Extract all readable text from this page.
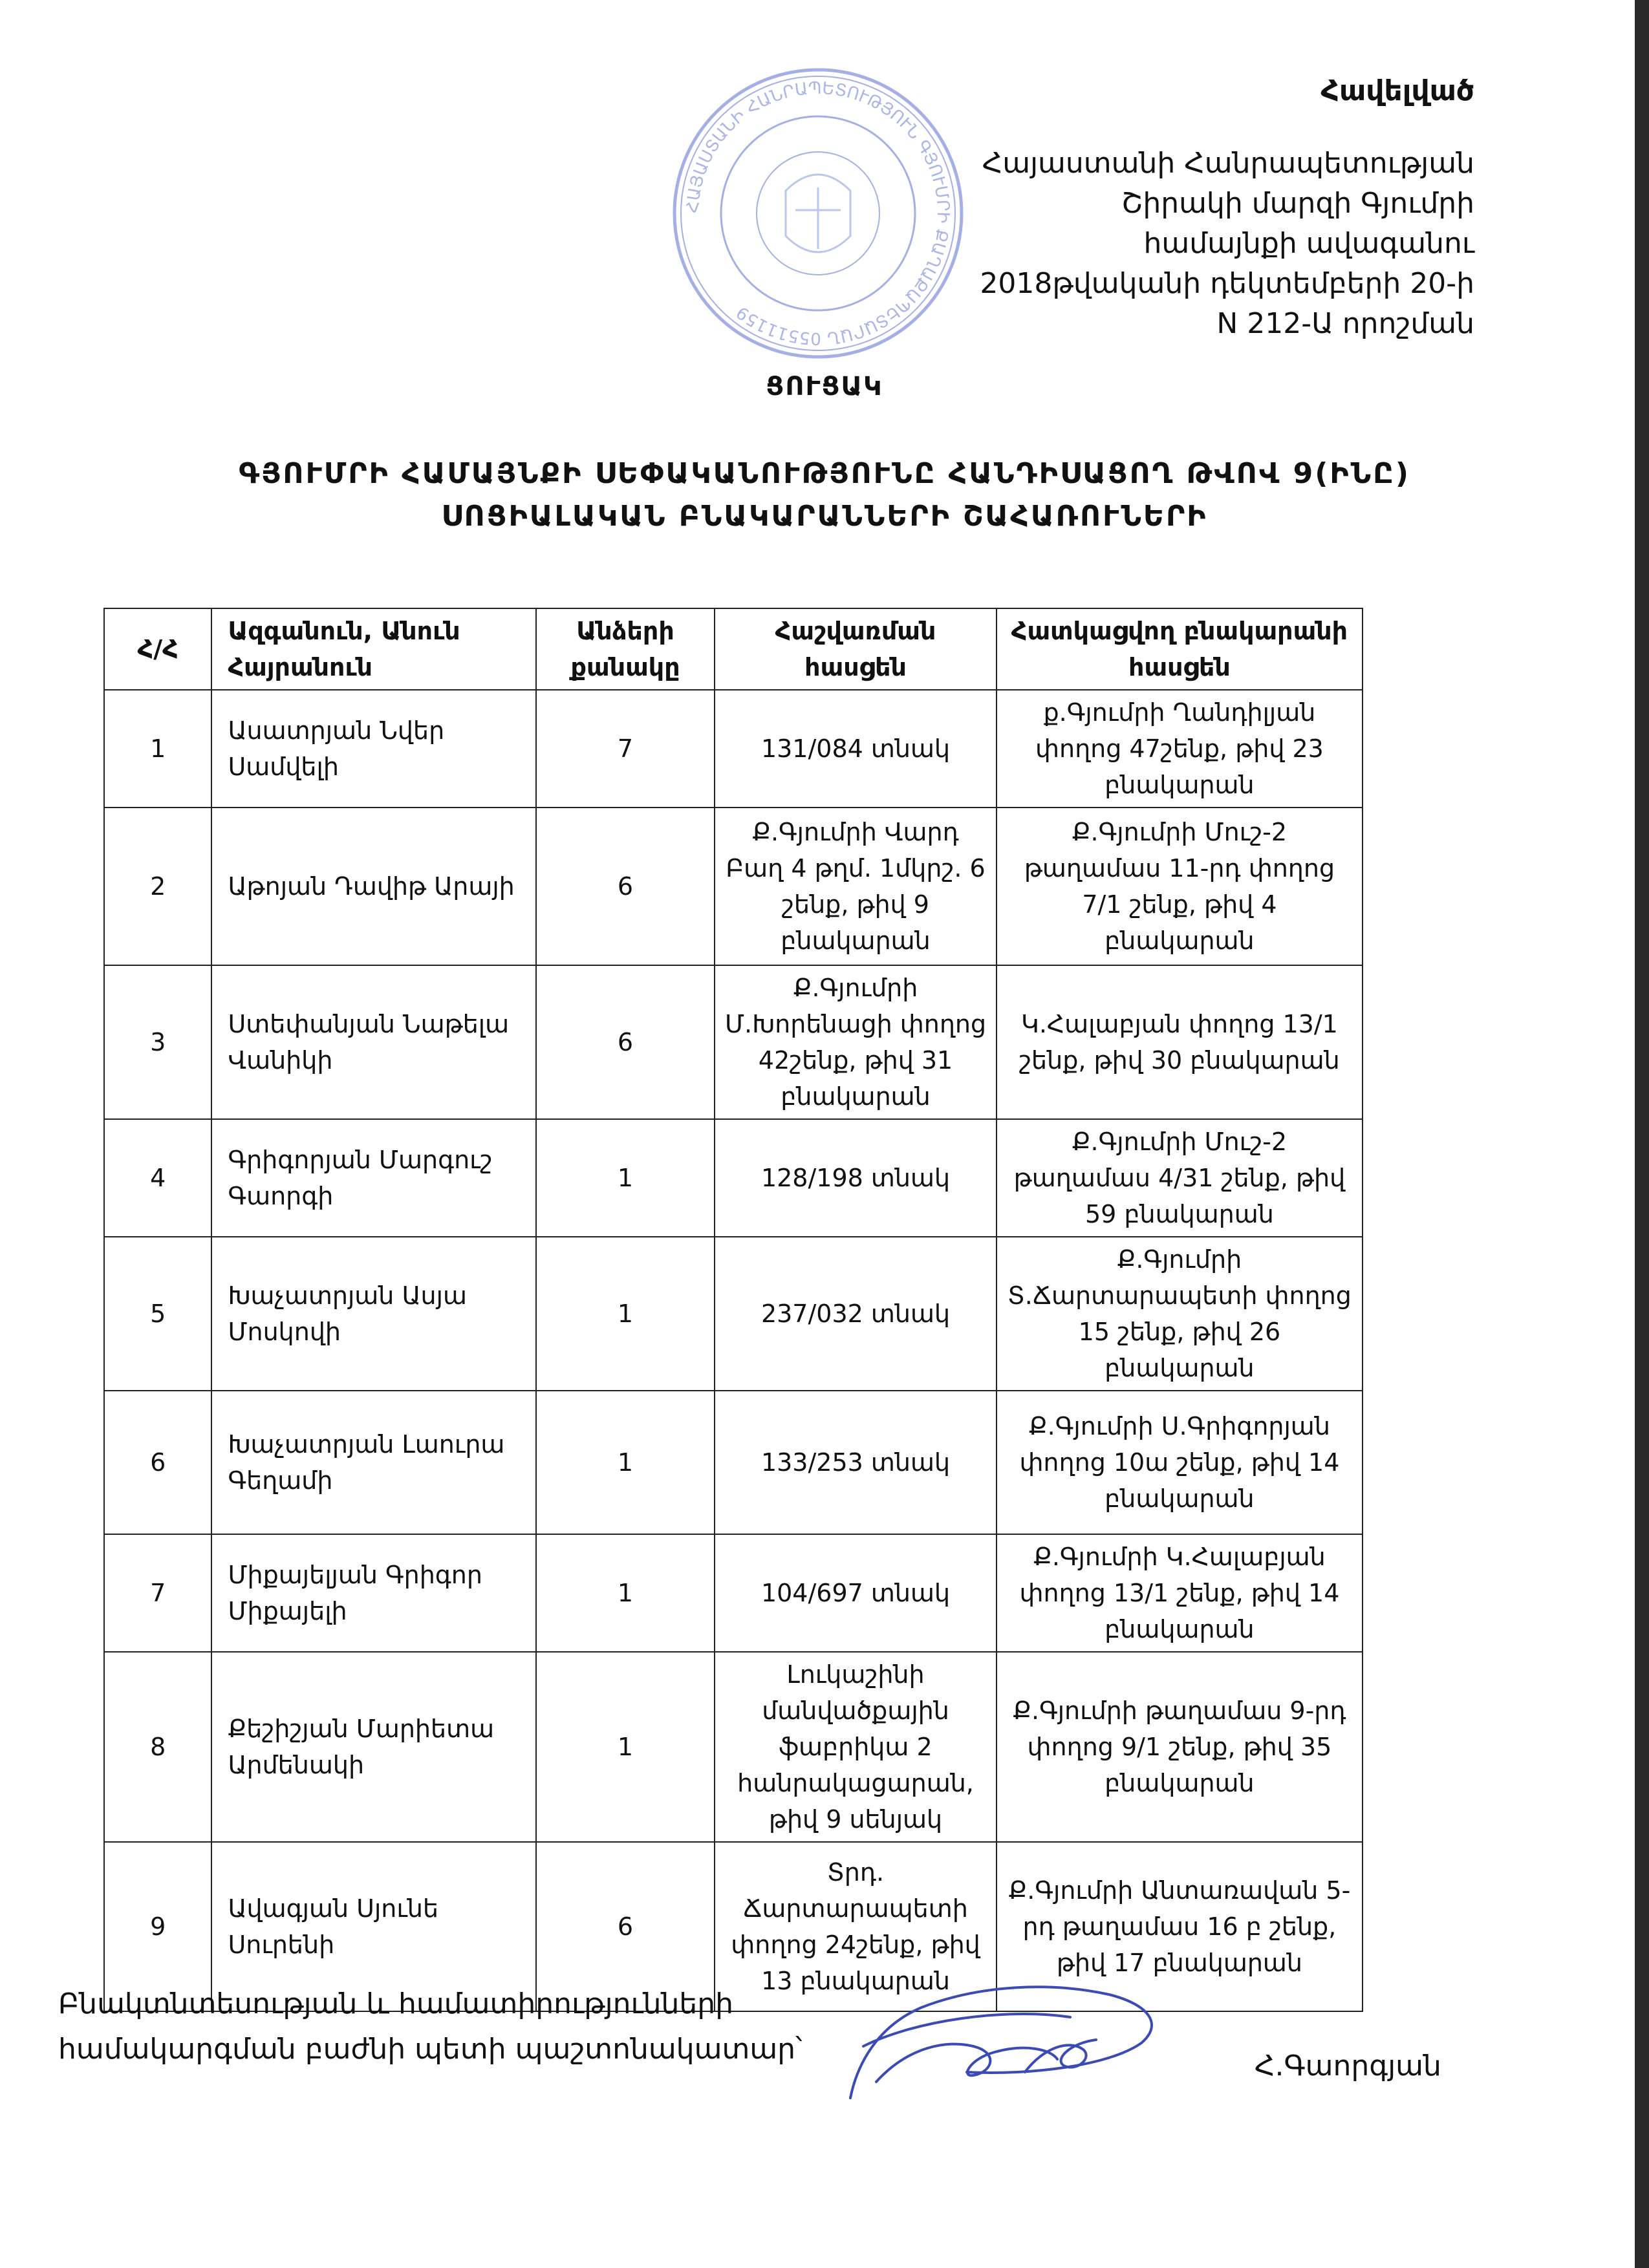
ՀԱՅԱՍՏԱՆԻ ՀԱՆՐԱՊԵՏՈՒԹՅՈՒՆ ԳՅՈՒՄՐԻ ՔԱՂԱՔԱՊԵՏԱՐԱՆ 05511159
Հավելված
Հայաստանի Հանրապետության
Շիրակի մարզի Գյումրի
համայնքի ավագանու
2018թվականի դեկտեմբերի 20-ի
N 212-Ա որոշման
ՑՈՒՑԱԿ
ԳՅՈՒՄՐԻ ՀԱՄԱՅՆՔԻ ՍԵՓԱԿԱՆՈՒԹՅՈՒՆԸ ՀԱՆԴԻՍԱՑՈՂ ԹՎՈՎ 9(ԻՆԸ)
ՍՈՑԻԱԼԱԿԱՆ ԲՆԱԿԱՐԱՆՆԵՐԻ ՇԱՀԱՌՈՒՆԵՐԻ
Հ/Հ	Ազգանուն, Անուն Հայրանուն	Անձերի քանակը	Հաշվառման հասցեն	Հատկացվող բնակարանի հասցեն
1	Ասատրյան Նվեր Սամվելի	7	131/084 տնակ	ք.Գյումրի Ղանդիլյան փողոց 47շենք, թիվ 23 բնակարան
2	Աթոյան Դավիթ Արայի	6	Ք.Գյումրի Վարդ Բաղ 4 թղմ. 1մկրշ. 6 շենք, թիվ 9 բնակարան	Ք.Գյումրի Մուշ-2 թաղամաս 11-րդ փողոց 7/1 շենք, թիվ 4 բնակարան
3	Ստեփանյան Նաթելա Վանիկի	6	Ք.Գյումրի Մ.Խորենացի փողոց 42շենք, թիվ 31 բնակարան	Կ.Հալաբյան փողոց 13/1 շենք, թիվ 30 բնակարան
4	Գրիգորյան Մարգուշ Գաորգի	1	128/198 տնակ	Ք.Գյումրի Մուշ-2 թաղամաս 4/31 շենք, թիվ 59 բնակարան
5	Խաչատրյան Ասյա Մոսկովի	1	237/032 տնակ	Ք.Գյումրի Տ.Ճարտարապետի փողոց 15 շենք, թիվ 26 բնակարան
6	Խաչատրյան Լաուրա Գեղամի	1	133/253 տնակ	Ք.Գյումրի Ս.Գրիգորյան փողոց 10ա շենք, թիվ 14 բնակարան
7	Միքայելյան Գրիգոր Միքայելի	1	104/697 տնակ	Ք.Գյումրի Կ.Հալաբյան փողոց 13/1 շենք, թիվ 14 բնակարան
8	Քեշիշյան Մարիետա Արմենակի	1	Լուկաշինի մանվածքային ֆաբրիկա 2 հանրակացարան, թիվ 9 սենյակ	Ք.Գյումրի թաղամաս 9-րդ փողոց 9/1 շենք, թիվ 35 բնակարան
9	Ավագյան Սյունե Սուրենի	6	Տրդ. Ճարտարապետի փողոց 24շենք, թիվ 13 բնակարան	Ք.Գյումրի Անտառավան 5-րդ թաղամաս 16 բ շենք, թիվ 17 բնակարան
Բնակտնտեսության և համատիրությունների
համակարգման բաժնի պետի պաշտոնակատար՝
Հ.Գաորգյան
